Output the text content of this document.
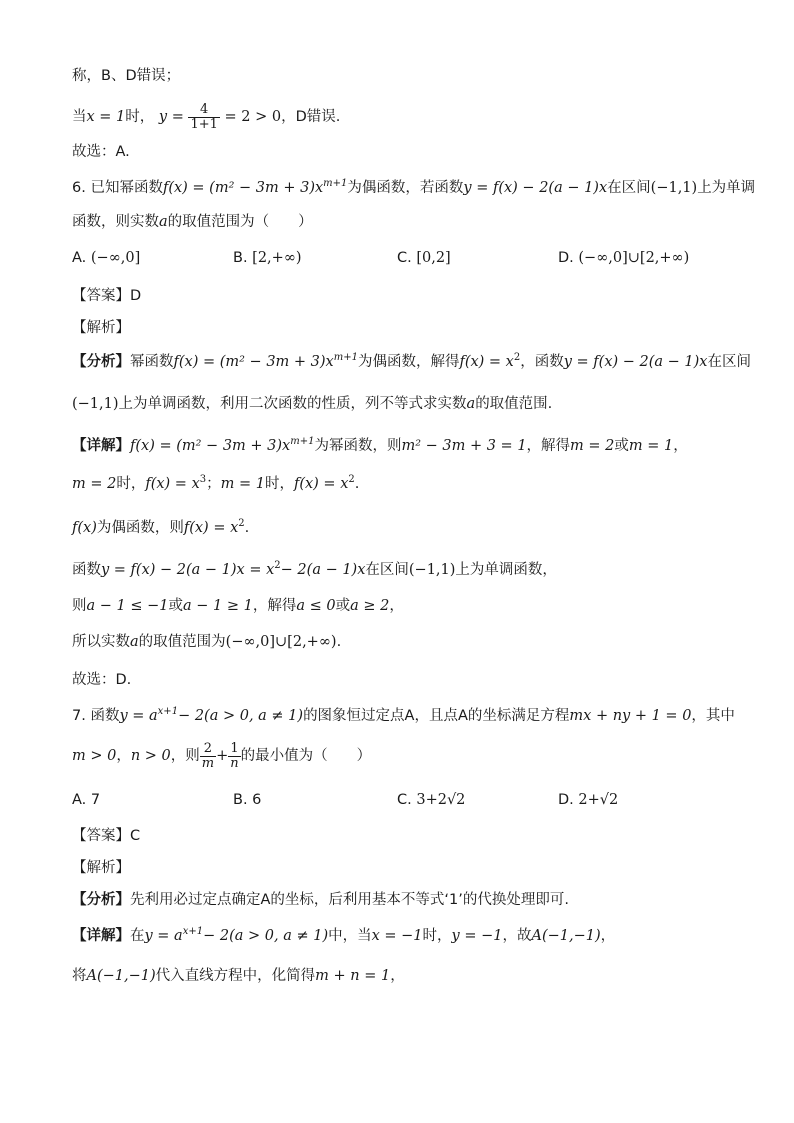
称，B、D错误；
当x = 1时， $y = \frac{4}{1+1} = 2 > 0$，D错误.
故选：A.
6. 已知幂函数$f(x) = (m^2 - 3m + 3)x^{m+1}$为偶函数，若函数y = f(x) − 2(a − 1)x在区间(−1,1)上为单调
函数，则实数a的取值范围为（　　）
A. (−∞,0]	B. [2,+∞)	C. [0,2]	D. (−∞,0]∪[2,+∞)
【答案】D
【解析】
【分析】幂函数$f(x) = (m^2 - 3m + 3)x^{m+1}$为偶函数，解得$f(x) = x^2$，函数y = f(x) − 2(a − 1)x在区间
(−1,1)上为单调函数，利用二次函数的性质，列不等式求实数a的取值范围.
【详解】$f(x) = (m^2 - 3m + 3)x^{m+1}$为幂函数，则m² − 3m + 3 = 1，解得m = 2或m = 1，
m = 2时，$f(x) = x^3$；m = 1时，$f(x) = x^2$.
f(x)为偶函数，则$f(x) = x^2$.
函数$y = f(x) - 2(a - 1)x = x^2- 2(a - 1)x$在区间(−1,1)上为单调函数，
则a − 1 ≤ −1或a − 1 ≥ 1，解得a ≤ 0或a ≥ 2，
所以实数a的取值范围为(−∞,0]∪[2,+∞).
故选：D.
7. 函数$y = a^{x+1}- 2(a > 0$, a ≠ 1)的图象恒过定点A，且点A的坐标满足方程mx + ny + 1 = 0，其中
m > 0，n > 0，则 $\frac{2}{m} + \frac{1}{n}$ 的最小值为（　　）
A. 7	B. 6	C. 3+2√2	D. 2+√2
【答案】C
【解析】
【分析】先利用必过定点确定A的坐标，后利用基本不等式‘1’的代换处理即可.
【详解】在$y = a^{x+1}- 2(a > 0$, a ≠ 1)中，当x = −1时，y = −1，故A(−1,−1)，
将A(−1,−1)代入直线方程中，化简得m + n = 1，
